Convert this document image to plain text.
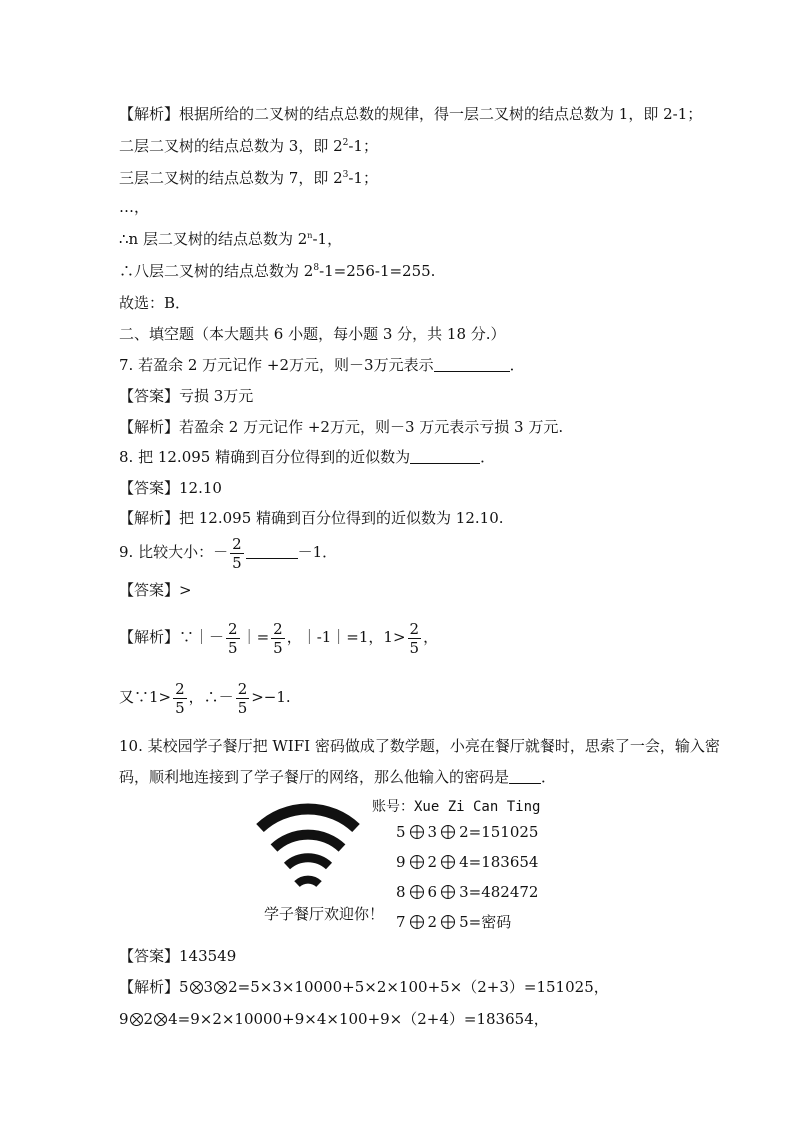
【解析】根据所给的二叉树的结点总数的规律，得一层二叉树的结点总数为 1，即 2-1；
二层二叉树的结点总数为 3，即 $2^2-1$；
三层二叉树的结点总数为 7，即 $2^3-1$；
…，
∴n 层二叉树的结点总数为 2$^n$-1，
∴八层二叉树的结点总数为 $2^8-1=256-1=255$.
故选：B．
二、填空题（本大题共 6 小题，每小题 3 分，共 18 分.）
7. 若盈余 2 万元记作 +2万元，则－3万元表示	．
【答案】亏损 3万元
【解析】若盈余 2 万元记作 +2万元，则－3 万元表示亏损 3 万元.
8. 把 12.095 精确到百分位得到的近似数为	．
【答案】12.10
【解析】把 12.095 精确到百分位得到的近似数为 12.10.
9. 比较大小：－ $\frac{2}{5}$	－1．
【答案】>
【解析】∵｜－ $\frac{2}{5}$ ｜= $\frac{2}{5}$ ，｜-1｜=1，$1> \frac{2}{5}$ ，
又∵1> $\frac{2}{5}$ ，∴－ $\frac{2}{5} >-1$.
10. 某校园学子餐厅把 WIFI 密码做成了数学题，小亮在餐厅就餐时，思索了一会，输入密
码，顺利地连接到了学子餐厅的网络，那么他输入的密码是 ．
学子餐厅欢迎你！
账号：Xue Zi Can Ting
5 3 2=151025
9 2 4=183654
8 6 3=482472
7 2 5=密码
【答案】143549
【解析】5 3 2=5×3×10000+5×2×100+5×（2+3）=151025，
9 2 4=9×2×10000+9×4×100+9×（2+4）=183654，
